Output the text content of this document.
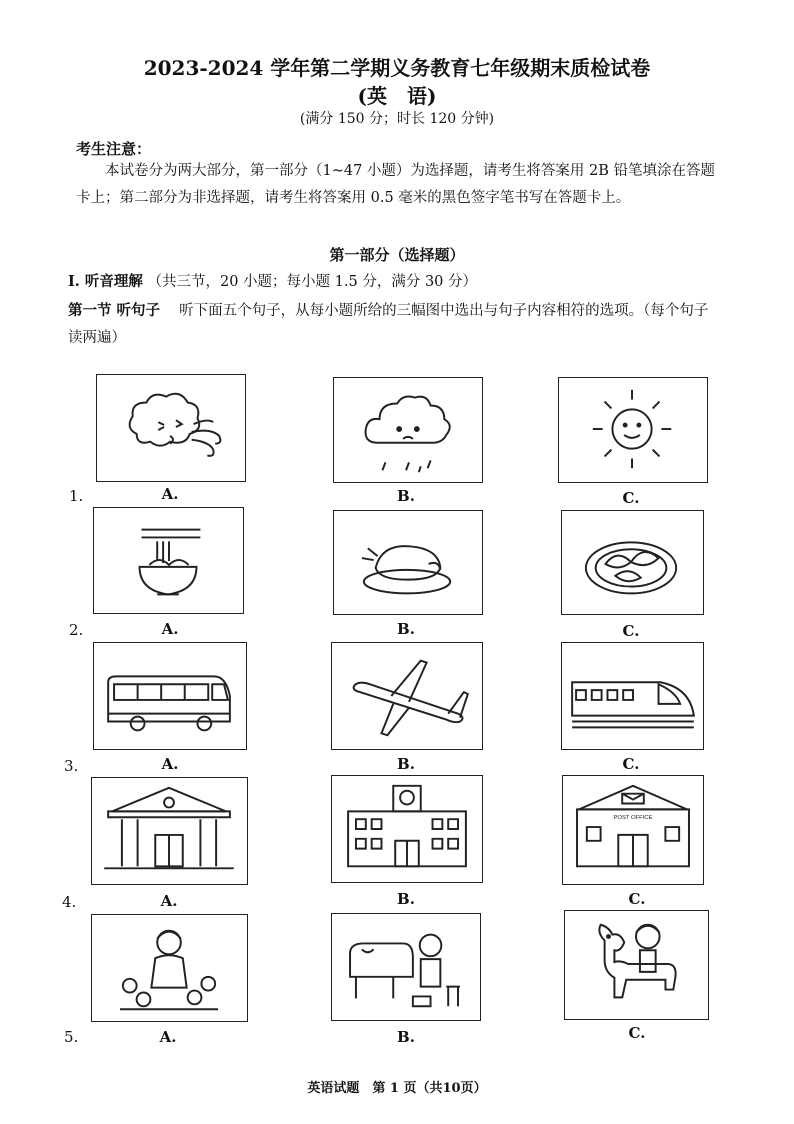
2023-2024 学年第二学期义务教育七年级期末质检试卷
(英　语)
(满分 150 分；时长 120 分钟)
考生注意：
本试卷分为两大部分，第一部分（1~47 小题）为选择题，请考生将答案用 2B 铅笔填涂在答题卡上；第二部分为非选择题，请考生将答案用 0.5 毫米的黑色签字笔书写在答题卡上。
第一部分（选择题）
I. 听音理解 （共三节，20 小题；每小题 1.5 分，满分 30 分）
第一节 听句子　 听下面五个句子，从每小题所给的三幅图中选出与句子内容相符的选项。（每个句子读两遍）
1.	A.	B.	C.
2.	A.	B.	C.
3.	A.	B.	C.
POST OFFICE
4.	A.	B.	C.
5.	A.	B.	C.
英语试题　第 1 页（共10页）
